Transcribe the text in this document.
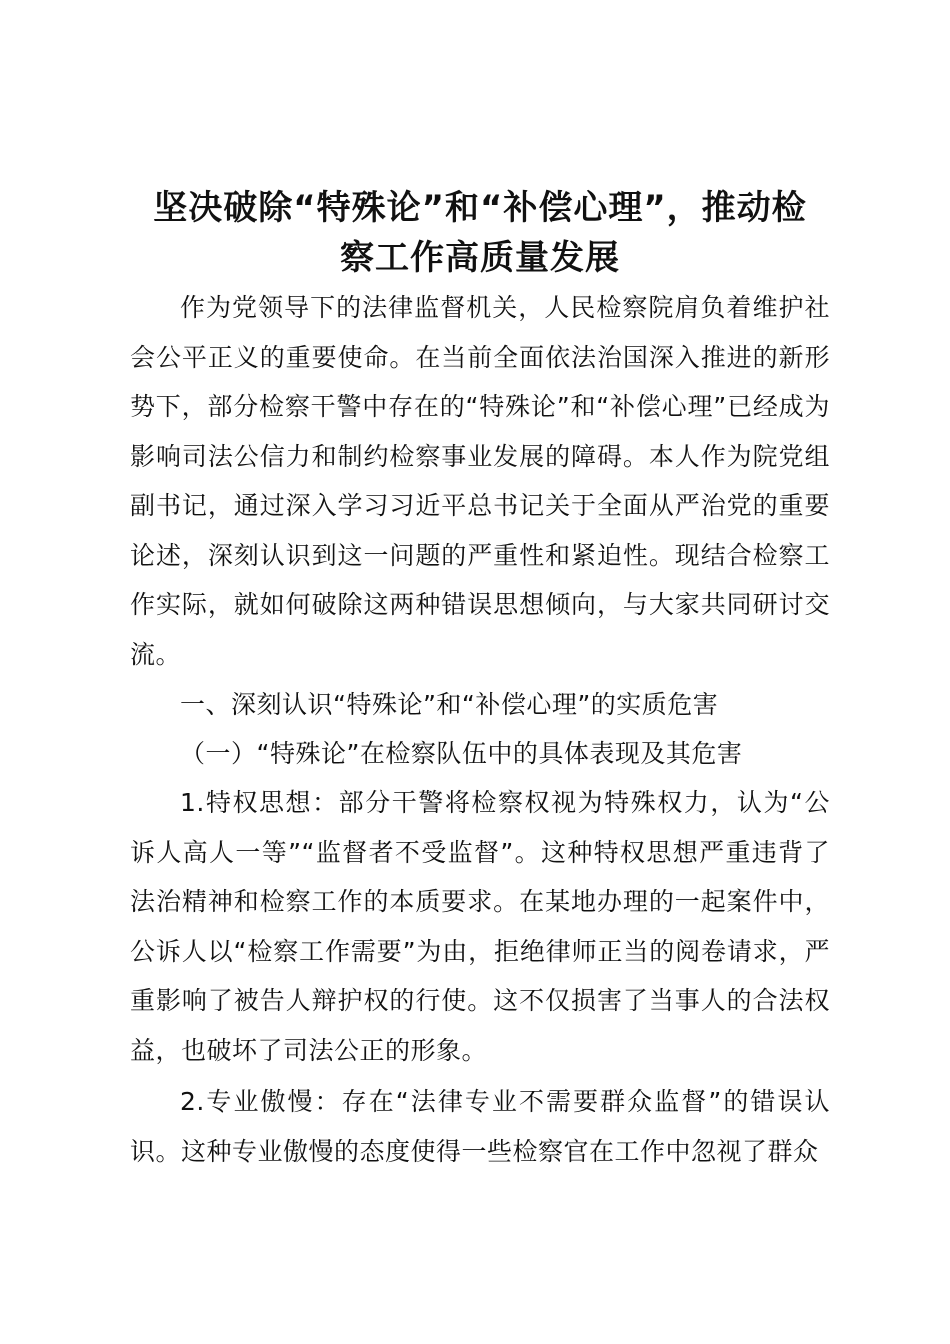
坚决破除“特殊论”和“补偿心理”，推动检
察工作高质量发展

作为党领导下的法律监督机关，人民检察院肩负着维护社会公平正义的重要使命。在当前全面依法治国深入推进的新形势下，部分检察干警中存在的“特殊论”和“补偿心理”已经成为影响司法公信力和制约检察事业发展的障碍。本人作为院党组副书记，通过深入学习习近平总书记关于全面从严治党的重要论述，深刻认识到这一问题的严重性和紧迫性。现结合检察工作实际，就如何破除这两种错误思想倾向，与大家共同研讨交流。

一、深刻认识“特殊论”和“补偿心理”的实质危害

（一）“特殊论”在检察队伍中的具体表现及其危害

1.特权思想：部分干警将检察权视为特殊权力，认为“公诉人高人一等”“监督者不受监督”。这种特权思想严重违背了法治精神和检察工作的本质要求。在某地办理的一起案件中，公诉人以“检察工作需要”为由，拒绝律师正当的阅卷请求，严重影响了被告人辩护权的行使。这不仅损害了当事人的合法权益，也破坏了司法公正的形象。

2.专业傲慢：存在“法律专业不需要群众监督”的错误认识。这种专业傲慢的态度使得一些检察官在工作中忽视了群众
